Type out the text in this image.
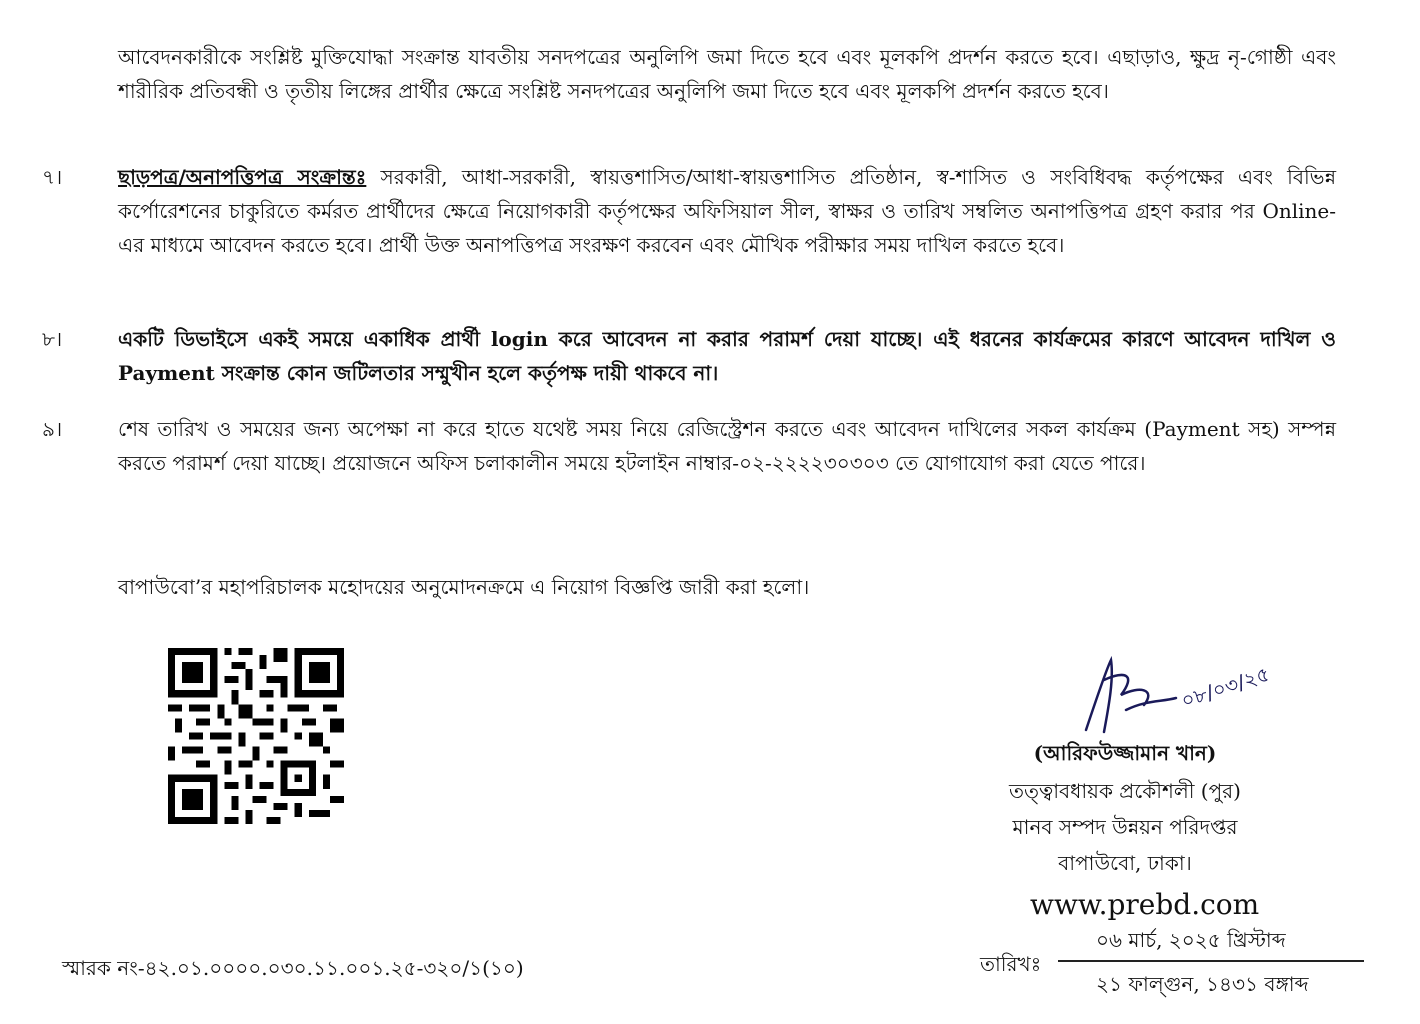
আবেদনকারীকে সংশ্লিষ্ট মুক্তিযোদ্ধা সংক্রান্ত যাবতীয় সনদপত্রের অনুলিপি জমা দিতে হবে এবং মূলকপি প্রদর্শন করতে হবে। এছাড়াও, ক্ষুদ্র নৃ-গোষ্ঠী এবং শারীরিক প্রতিবন্ধী ও তৃতীয় লিঙ্গের প্রার্থীর ক্ষেত্রে সংশ্লিষ্ট সনদপত্রের অনুলিপি জমা দিতে হবে এবং মূলকপি প্রদর্শন করতে হবে।
৭।	ছাড়পত্র/অনাপত্তিপত্র সংক্রান্তঃ সরকারী, আধা-সরকারী, স্বায়ত্তশাসিত/আধা-স্বায়ত্তশাসিত প্রতিষ্ঠান, স্ব-শাসিত ও সংবিধিবদ্ধ কর্তৃপক্ষের এবং বিভিন্ন কর্পোরেশনের চাকুরিতে কর্মরত প্রার্থীদের ক্ষেত্রে নিয়োগকারী কর্তৃপক্ষের অফিসিয়াল সীল, স্বাক্ষর ও তারিখ সম্বলিত অনাপত্তিপত্র গ্রহণ করার পর Online-এর মাধ্যমে আবেদন করতে হবে। প্রার্থী উক্ত অনাপত্তিপত্র সংরক্ষণ করবেন এবং মৌখিক পরীক্ষার সময় দাখিল করতে হবে।
৮।	একটি ডিভাইসে একই সময়ে একাধিক প্রার্থী login করে আবেদন না করার পরামর্শ দেয়া যাচ্ছে। এই ধরনের কার্যক্রমের কারণে আবেদন দাখিল ও Payment সংক্রান্ত কোন জটিলতার সম্মুখীন হলে কর্তৃপক্ষ দায়ী থাকবে না।
৯।	শেষ তারিখ ও সময়ের জন্য অপেক্ষা না করে হাতে যথেষ্ট সময় নিয়ে রেজিস্ট্রেশন করতে এবং আবেদন দাখিলের সকল কার্যক্রম (Payment সহ) সম্পন্ন করতে পরামর্শ দেয়া যাচ্ছে। প্রয়োজনে অফিস চলাকালীন সময়ে হটলাইন নাম্বার-০২-২২২২৩০৩০৩ তে যোগাযোগ করা যেতে পারে।
বাপাউবো’র মহাপরিচালক মহোদয়ের অনুমোদনক্রমে এ নিয়োগ বিজ্ঞপ্তি জারী করা হলো।
০৮/০৩/২৫
(আরিফউজ্জামান খান)
তত্ত্বাবধায়ক প্রকৌশলী (পুর)
মানব সম্পদ উন্নয়ন পরিদপ্তর
বাপাউবো, ঢাকা।
www.prebd.com
স্মারক নং-৪২.০১.০০০০.০৩০.১১.০০১.২৫-৩২০/১(১০)
০৬ মার্চ, ২০২৫ খ্রিস্টাব্দ
তারিখঃ
২১ ফাল্গুন, ১৪৩১ বঙ্গাব্দ
